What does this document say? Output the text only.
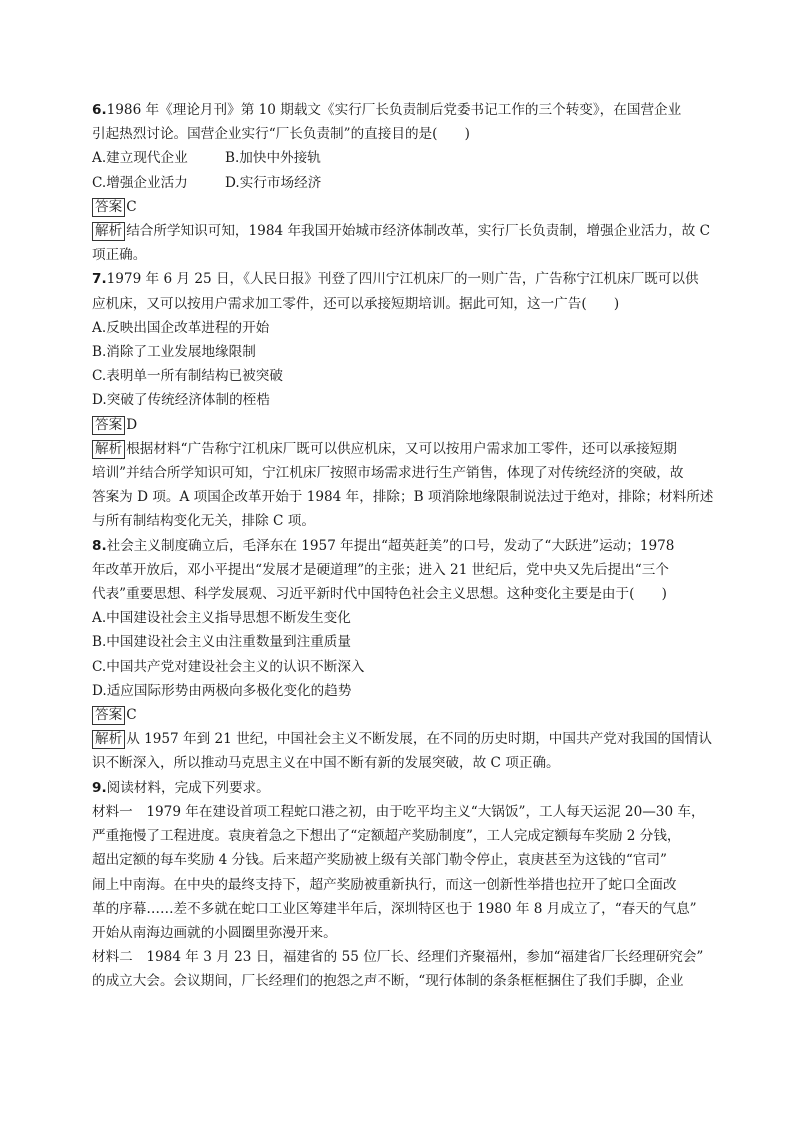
6.1986 年《理论月刊》第 10 期载文《实行厂长负责制后党委书记工作的三个转变》，在国营企业
引起热烈讨论。国营企业实行“厂长负责制”的直接目的是(　　)
A.建立现代企业	B.加快中外接轨
C.增强企业活力	D.实行市场经济
答案 C
解析 结合所学知识可知，1984 年我国开始城市经济体制改革，实行厂长负责制，增强企业活力，故 C
项正确。
7.1979 年 6 月 25 日，《人民日报》刊登了四川宁江机床厂的一则广告，广告称宁江机床厂既可以供
应机床，又可以按用户需求加工零件，还可以承接短期培训。据此可知，这一广告(　　)
A.反映出国企改革进程的开始
B.消除了工业发展地缘限制
C.表明单一所有制结构已被突破
D.突破了传统经济体制的桎梏
答案 D
解析 根据材料“广告称宁江机床厂既可以供应机床，又可以按用户需求加工零件，还可以承接短期
培训”并结合所学知识可知，宁江机床厂按照市场需求进行生产销售，体现了对传统经济的突破，故
答案为 D 项。A 项国企改革开始于 1984 年，排除；B 项消除地缘限制说法过于绝对，排除；材料所述
与所有制结构变化无关，排除 C 项。
8.社会主义制度确立后，毛泽东在 1957 年提出“超英赶美”的口号，发动了“大跃进”运动；1978
年改革开放后，邓小平提出“发展才是硬道理”的主张；进入 21 世纪后，党中央又先后提出“三个
代表”重要思想、科学发展观、习近平新时代中国特色社会主义思想。这种变化主要是由于(　　)
A.中国建设社会主义指导思想不断发生变化
B.中国建设社会主义由注重数量到注重质量
C.中国共产党对建设社会主义的认识不断深入
D.适应国际形势由两极向多极化变化的趋势
答案 C
解析 从 1957 年到 21 世纪，中国社会主义不断发展，在不同的历史时期，中国共产党对我国的国情认
识不断深入，所以推动马克思主义在中国不断有新的发展突破，故 C 项正确。
9.阅读材料，完成下列要求。
材料一　1979 年在建设首项工程蛇口港之初，由于吃平均主义“大锅饭”，工人每天运泥 20—30 车，
严重拖慢了工程进度。袁庚着急之下想出了“定额超产奖励制度”，工人完成定额每车奖励 2 分钱，
超出定额的每车奖励 4 分钱。后来超产奖励被上级有关部门勒令停止，袁庚甚至为这钱的“官司”
闹上中南海。在中央的最终支持下，超产奖励被重新执行，而这一创新性举措也拉开了蛇口全面改
革的序幕……差不多就在蛇口工业区筹建半年后，深圳特区也于 1980 年 8 月成立了，“春天的气息”
开始从南海边画就的小圆圈里弥漫开来。
材料二　1984 年 3 月 23 日，福建省的 55 位厂长、经理们齐聚福州，参加“福建省厂长经理研究会”
的成立大会。会议期间，厂长经理们的抱怨之声不断，“现行体制的条条框框捆住了我们手脚，企业
